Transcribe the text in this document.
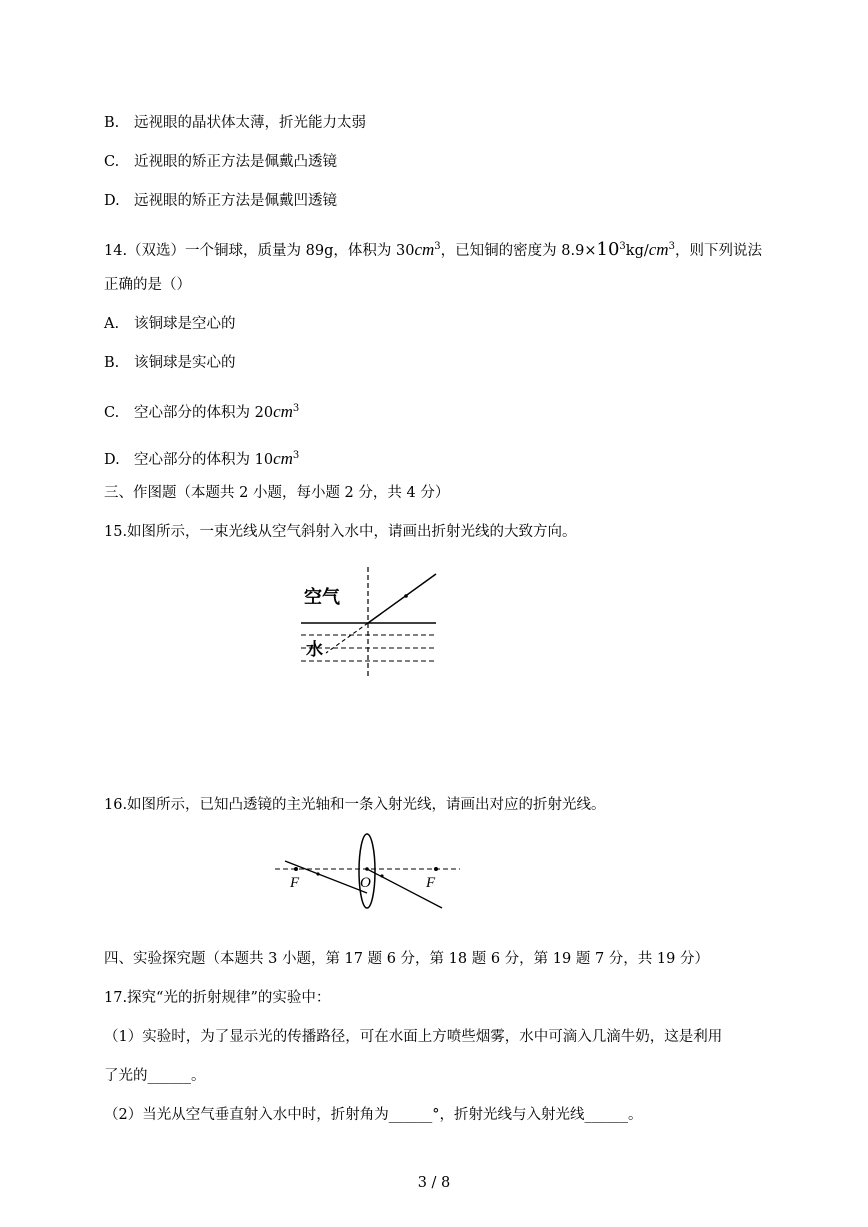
B. 远视眼的晶状体太薄，折光能力太弱
C. 近视眼的矫正方法是佩戴凸透镜
D. 远视眼的矫正方法是佩戴凹透镜
14.（双选）一个铜球，质量为 89g，体积为 $30cm^3$，已知铜的密度为 $8.9\times 10^3kg/cm^3$，则下列说法
正确的是（）
A. 该铜球是空心的
B. 该铜球是实心的
C. 空心部分的体积为 $20cm^3$
D. 空心部分的体积为 $10cm^3$
三、作图题（本题共 2 小题，每小题 2 分，共 4 分）
15.如图所示，一束光线从空气斜射入水中，请画出折射光线的大致方向。
空气
水
16.如图所示，已知凸透镜的主光轴和一条入射光线，请画出对应的折射光线。
F	O	F
四、实验探究题（本题共 3 小题，第 17 题 6 分，第 18 题 6 分，第 19 题 7 分，共 19 分）
17.探究“光的折射规律”的实验中：
（1）实验时，为了显示光的传播路径，可在水面上方喷些烟雾，水中可滴入几滴牛奶，这是利用
了光的______。
（2）当光从空气垂直射入水中时，折射角为______°，折射光线与入射光线______。
3 / 8
